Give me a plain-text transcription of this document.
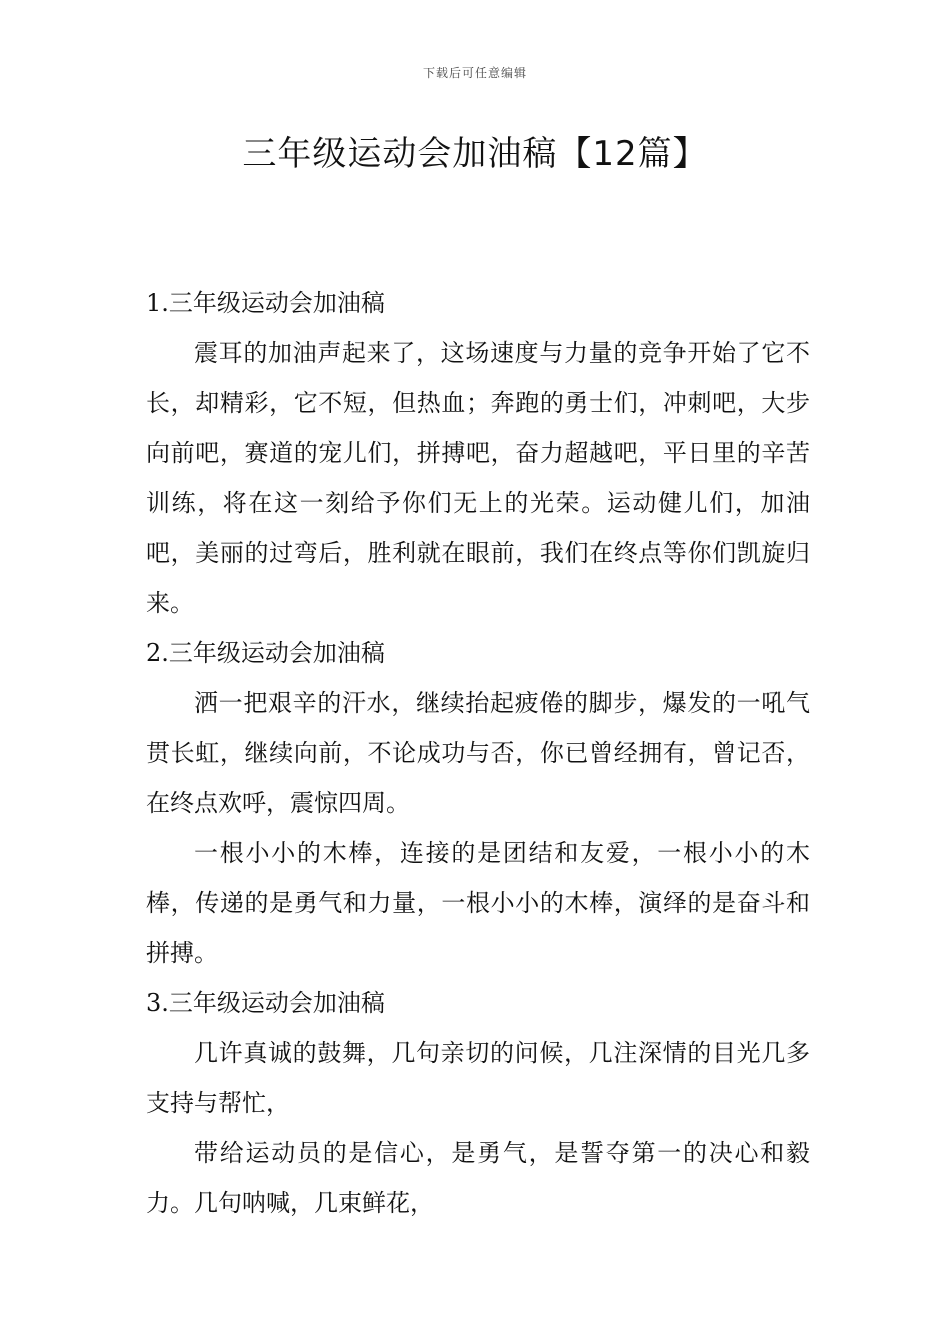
下载后可任意编辑
三年级运动会加油稿【12篇】
1.三年级运动会加油稿

震耳的加油声起来了，这场速度与力量的竞争开始了它不长，却精彩，它不短，但热血；奔跑的勇士们，冲刺吧，大步向前吧，赛道的宠儿们，拼搏吧，奋力超越吧，平日里的辛苦训练，将在这一刻给予你们无上的光荣。运动健儿们，加油吧，美丽的过弯后，胜利就在眼前，我们在终点等你们凯旋归来。

2.三年级运动会加油稿

洒一把艰辛的汗水，继续抬起疲倦的脚步，爆发的一吼气贯长虹，继续向前，不论成功与否，你已曾经拥有，曾记否，在终点欢呼，震惊四周。

一根小小的木棒，连接的是团结和友爱，一根小小的木棒，传递的是勇气和力量，一根小小的木棒，演绎的是奋斗和拼搏。

3.三年级运动会加油稿

几许真诚的鼓舞，几句亲切的问候，几注深情的目光几多支持与帮忙，

带给运动员的是信心，是勇气，是誓夺第一的决心和毅力。几句呐喊，几束鲜花，
